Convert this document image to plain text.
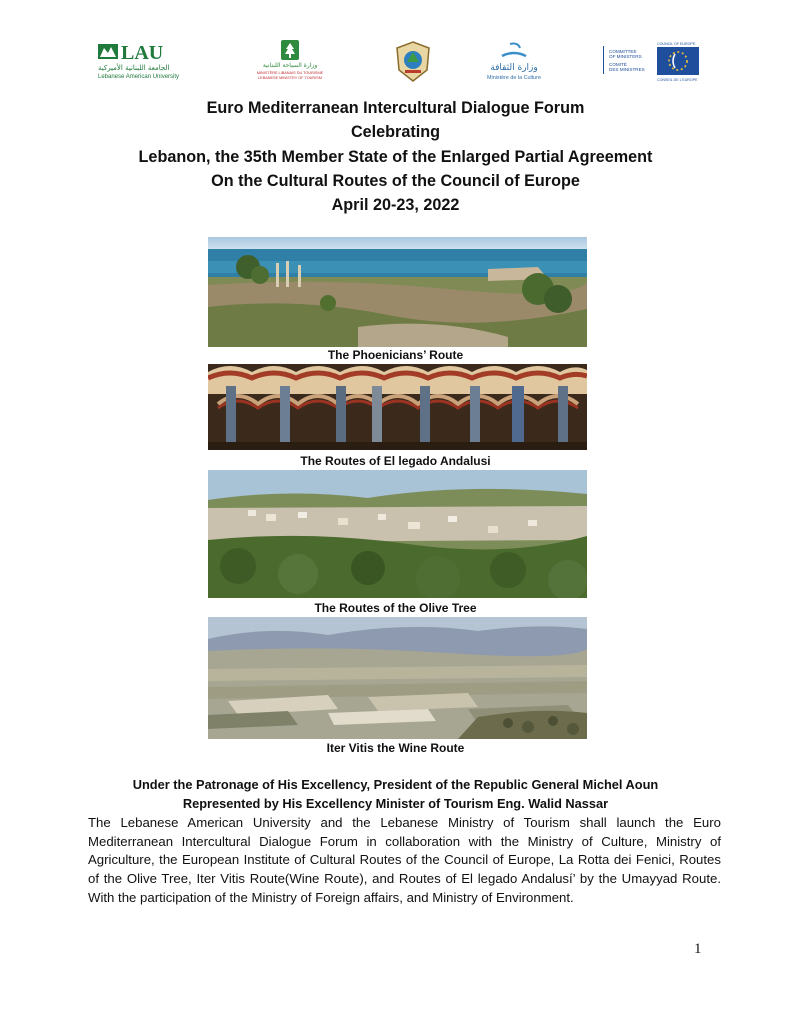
LAU
الجامعة اللبنانية الأميركية
Lebanese American University
وزارة السياحة اللبنانية
MINISTÈRE LIBANAIS DU TOURISME
LEBANESE MINISTRY OF TOURISM
وزارة الثقافة
Ministère de la Culture
COMMITTEE
OF MINISTERS
COMITÉ
DES MINISTRES
COUNCIL OF EUROPE
CONSEIL DE L'EUROPE
Euro Mediterranean Intercultural Dialogue Forum
Celebrating
Lebanon, the 35th Member State of the Enlarged Partial Agreement
On the Cultural Routes of the Council of Europe
April 20-23, 2022
The Phoenicians’ Route
The Routes of El legado Andalusi
The Routes of the Olive Tree
Iter Vitis the Wine Route
Under the Patronage of His Excellency, President of the Republic General Michel Aoun
Represented by His Excellency Minister of Tourism Eng. Walid Nassar
The Lebanese American University and the Lebanese Ministry of Tourism shall launch the Euro Mediterranean Intercultural Dialogue Forum in collaboration with the Ministry of Culture, Ministry of Agriculture, the European Institute of Cultural Routes of the Council of Europe, La Rotta dei Fenici, Routes of the Olive Tree, Iter Vitis Route(Wine Route), and Routes of El legado Andalusí’ by the Umayyad Route. With the participation of the Ministry of Foreign affairs, and Ministry of Environment.
1
